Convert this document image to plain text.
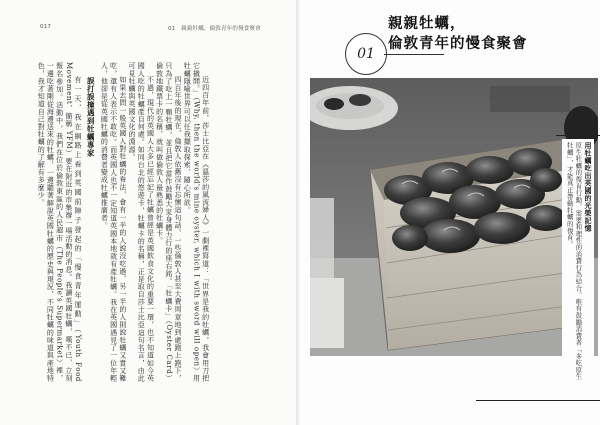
017	01　親親牡蠣，倫敦青年的慢食聚會

近四百年前，莎士比亞在《溫莎的風流婦人》一劇裡寫道：「世界是我的牡蠣，我會用刀把它撬開。」（Why, then the world's mine oyster, which I with sword will open）用牡蠣隱喻世界可以任我擷取探索、隨心所欲。

四百年後的現在，倫敦人依舊沒有忘懷這句話。一些倫敦人甚至大費周章地到處跑上跑下，只為了吃上一顆牡蠣，並且把它當作鼓勵大家身體力行的座右銘。「牡蠣卡」（Oyster Card）倫敦地鐵票卡的名稱，就叫做倫敦人最熟悉的牡蠣卡。

不過，現代的英國人大多已經忘記了牡蠣曾經是英國飲食文化的重要一環，也不知道如今英國人吃的牡蠣產自何處。如同台北的悠遊卡，牡蠣卡的名稱，正是取自莎士比亞這句名言，由此可見牡蠣與英國文化的淵源。

如果去問一般英國人對牡蠣的看法，會有一半的人說沒吃過，另一半的人則說牡蠣又貴又難吃，還有人表示不敢吃。而英國人也不一定知道英國本地就有產牡蠣。我在英國遇見了一位年輕人，他卻是從英國牡蠣的消費者變成牡蠣推廣者。

誤打誤撞遇到牡蠣專家

有一天，我在網路上看到英國前陣子發起的「慢食青年運動」（Youth Food Movement，簡稱 YFM）要在附近的市集辦一場活動的消息。我讀英國牡蠣，嘆不已，立刻報名參加。活動中，我們在位於倫敦東區的人民超市（The People's Supermarket）裡，一邊吃著剛從海邊送來的牡蠣，一邊聽著解說英國牡蠣的歷史與現況，不同牡蠣的味道與產地特色，我才知道自己對牡蠣的了解有多麼少。

01
親親牡蠣，
倫敦青年的慢食聚會
用牡蠣吃出英國的光榮記憶

原生牡蠣的復育行動，需要和理性的消費行為結合。唯有鼓勵消費者「多吃原生牡蠣」，才能真正帶動牡蠣的復育。
